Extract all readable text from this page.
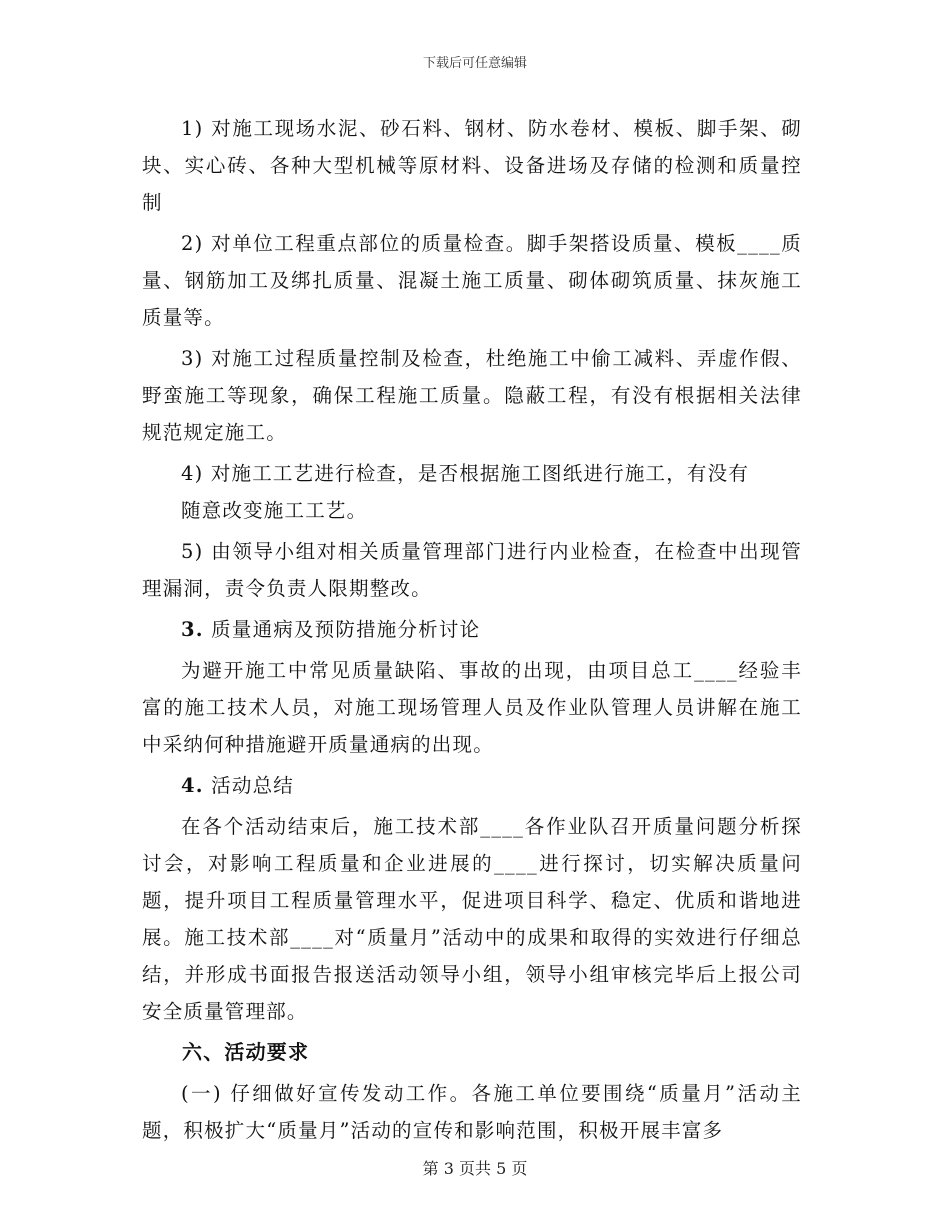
下载后可任意编辑

1) 对施工现场水泥、砂石料、钢材、防水卷材、模板、脚手架、砌块、实心砖、各种大型机械等原材料、设备进场及存储的检测和质量控制

2) 对单位工程重点部位的质量检查。脚手架搭设质量、模板____质量、钢筋加工及绑扎质量、混凝土施工质量、砌体砌筑质量、抹灰施工质量等。

3) 对施工过程质量控制及检查，杜绝施工中偷工减料、弄虚作假、野蛮施工等现象，确保工程施工质量。隐蔽工程，有没有根据相关法律规范规定施工。

4) 对施工工艺进行检查，是否根据施工图纸进行施工，有没有

随意改变施工工艺。

5) 由领导小组对相关质量管理部门进行内业检查，在检查中出现管理漏洞，责令负责人限期整改。

3. 质量通病及预防措施分析讨论

为避开施工中常见质量缺陷、事故的出现，由项目总工____经验丰富的施工技术人员，对施工现场管理人员及作业队管理人员讲解在施工中采纳何种措施避开质量通病的出现。

4. 活动总结

在各个活动结束后，施工技术部____各作业队召开质量问题分析探讨会，对影响工程质量和企业进展的____进行探讨，切实解决质量问题，提升项目工程质量管理水平，促进项目科学、稳定、优质和谐地进展。施工技术部____对“质量月”活动中的成果和取得的实效进行仔细总结，并形成书面报告报送活动领导小组，领导小组审核完毕后上报公司安全质量管理部。

六、活动要求

(一) 仔细做好宣传发动工作。各施工单位要围绕“质量月”活动主题，积极扩大“质量月”活动的宣传和影响范围，积极开展丰富多

第 3 页共 5 页
